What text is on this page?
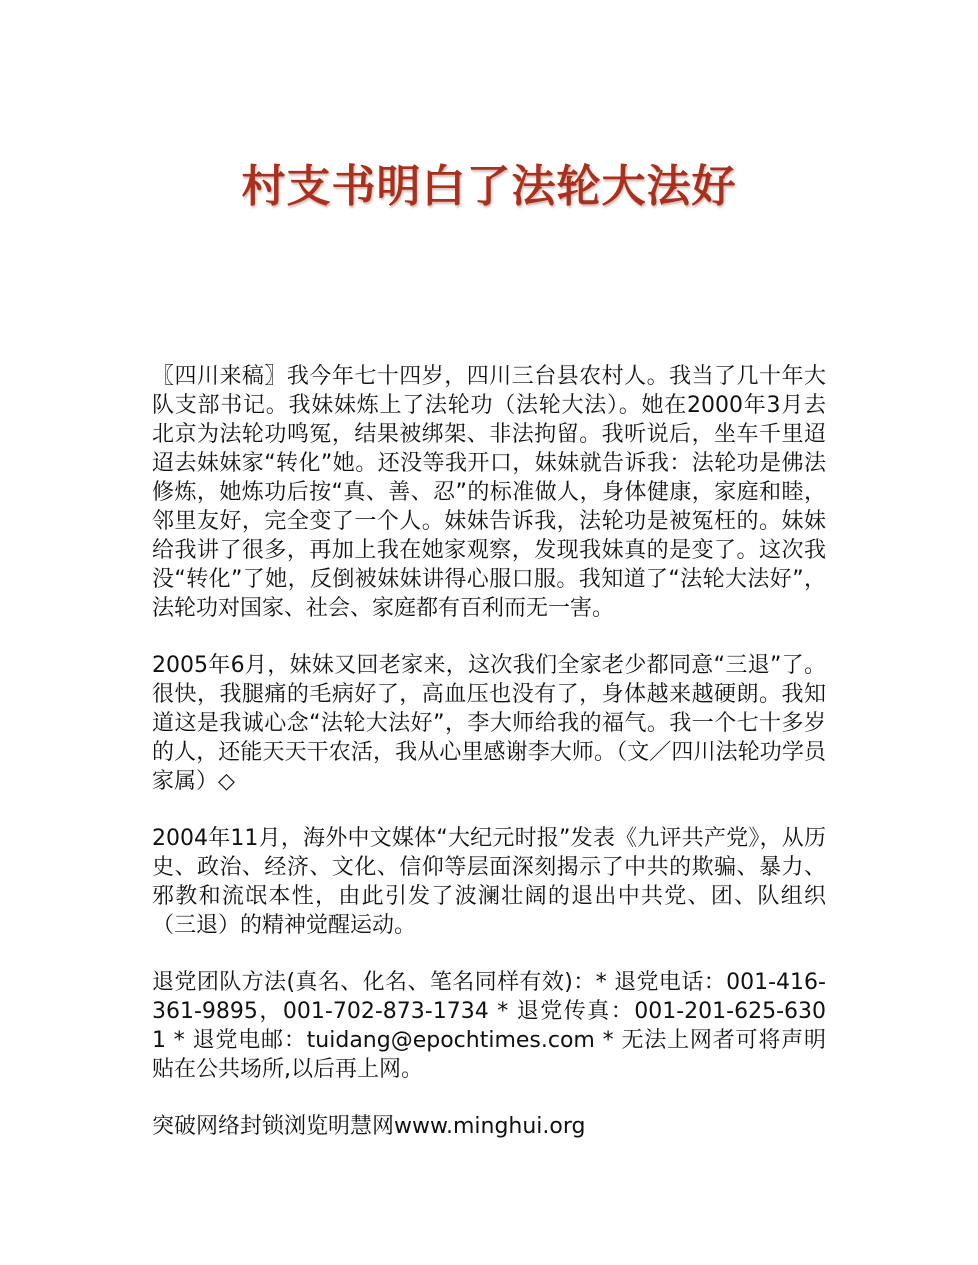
村支书明白了法轮大法好

〖四川来稿〗我今年七十四岁，四川三台县农村人。我当了几十年大队支部书记。我妹妹炼上了法轮功（法轮大法）。她在2000年3月去北京为法轮功鸣冤，结果被绑架、非法拘留。我听说后，坐车千里迢迢去妹妹家“转化”她。还没等我开口，妹妹就告诉我：法轮功是佛法修炼，她炼功后按“真、善、忍”的标准做人，身体健康，家庭和睦，邻里友好，完全变了一个人。妹妹告诉我，法轮功是被冤枉的。妹妹给我讲了很多，再加上我在她家观察，发现我妹真的是变了。这次我没“转化”了她，反倒被妹妹讲得心服口服。我知道了“法轮大法好”，法轮功对国家、社会、家庭都有百利而无一害。

2005年6月，妹妹又回老家来，这次我们全家老少都同意“三退”了。很快，我腿痛的毛病好了，高血压也没有了，身体越来越硬朗。我知道这是我诚心念“法轮大法好”，李大师给我的福气。我一个七十多岁的人，还能天天干农活，我从心里感谢李大师。（文／四川法轮功学员家属）◇

2004年11月，海外中文媒体“大纪元时报”发表《九评共产党》，从历史、政治、经济、文化、信仰等层面深刻揭示了中共的欺骗、暴力、邪教和流氓本性，由此引发了波澜壮阔的退出中共党、团、队组织（三退）的精神觉醒运动。

退党团队方法(真名、化名、笔名同样有效)：* 退党电话：001-416-361-9895，001-702-873-1734 * 退党传真：001-201-625-6301 * 退党电邮：tuidang@epochtimes.com * 无法上网者可将声明贴在公共场所,以后再上网。

突破网络封锁浏览明慧网www.minghui.org
